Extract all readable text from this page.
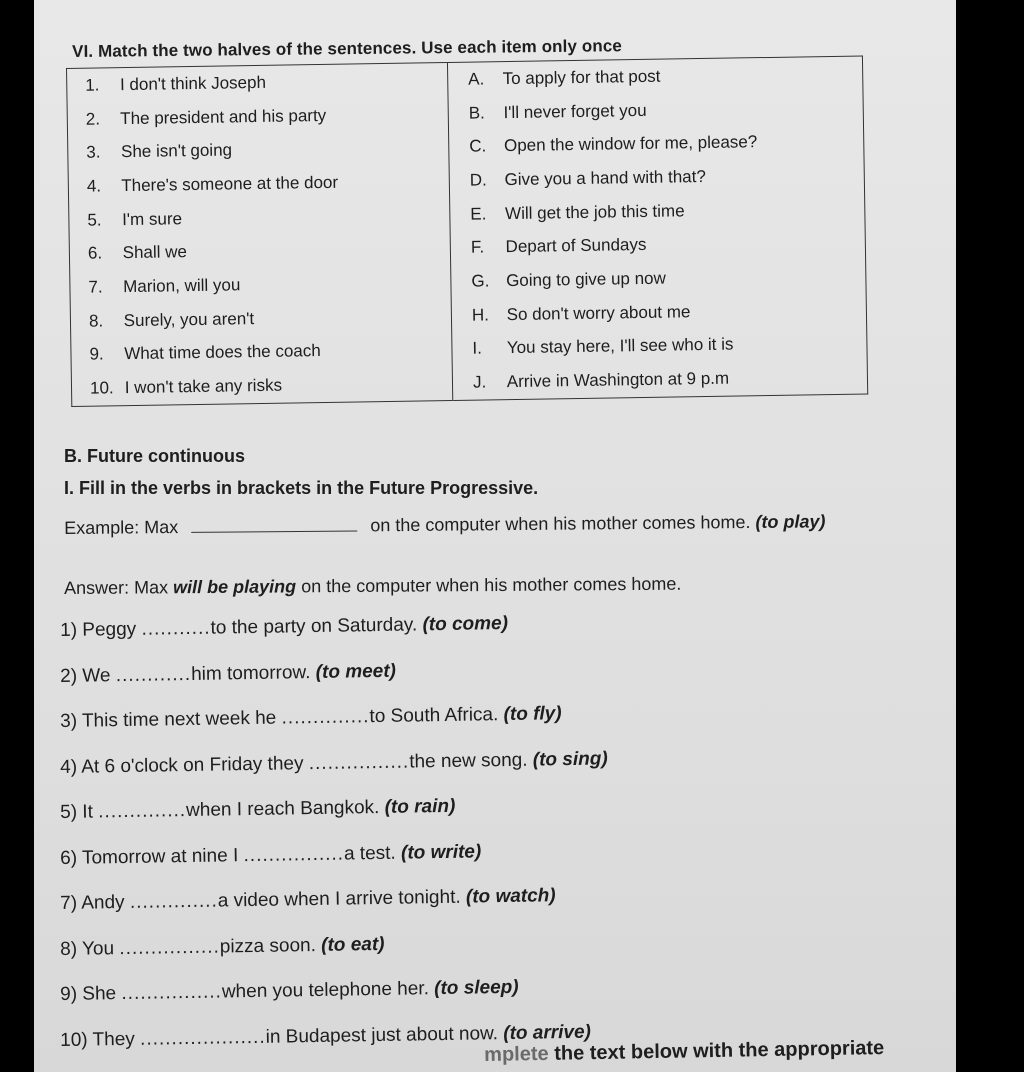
VI. Match the two halves of the sentences. Use each item only once
1. I don't think Joseph	A. To apply for that post
2. The president and his party	B. I'll never forget you
3. She isn't going	C. Open the window for me, please?
4. There's someone at the door	D. Give you a hand with that?
5. I'm sure	E. Will get the job this time
6. Shall we	F. Depart of Sundays
7. Marion, will you	G. Going to give up now
8. Surely, you aren't	H. So don't worry about me
9. What time does the coach	I. You stay here, I'll see who it is
10. I won't take any risks	J. Arrive in Washington at 9 p.m
B. Future continuous
I. Fill in the verbs in brackets in the Future Progressive.
Example: Max	on the computer when his mother comes home. (to play)
Answer: Max will be playing on the computer when his mother comes home.
1) Peggy ...........to the party on Saturday. (to come)
2) We ............him tomorrow. (to meet)
3) This time next week he ..............to South Africa. (to fly)
4) At 6 o'clock on Friday they ................the new song. (to sing)
5) It ..............when I reach Bangkok. (to rain)
6) Tomorrow at nine I ................a test. (to write)
7) Andy ..............a video when I arrive tonight. (to watch)
8) You ................pizza soon. (to eat)
9) She ................when you telephone her. (to sleep)
10) They ....................in Budapest just about now. (to arrive)
mplete the text below with the appropriate
